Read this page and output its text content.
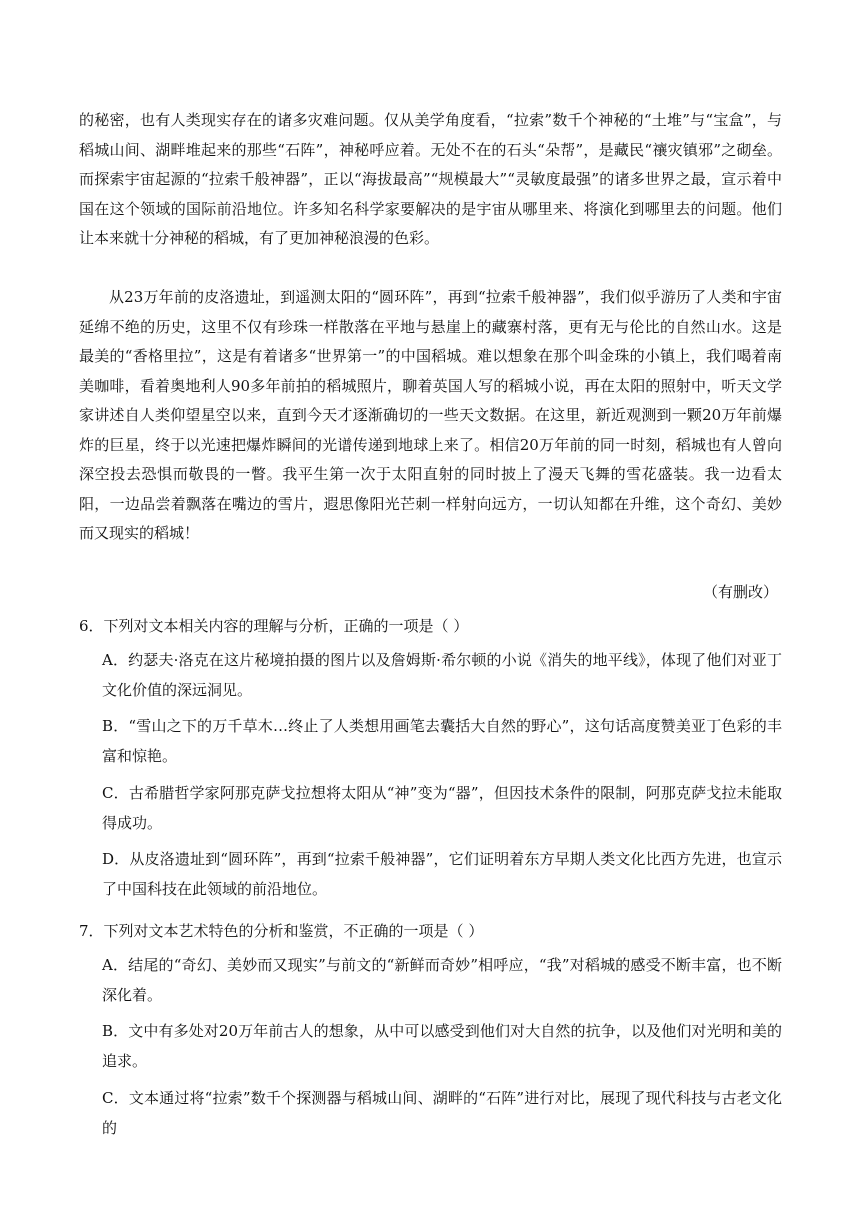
的秘密，也有人类现实存在的诸多灾难问题。仅从美学角度看，“拉索”数千个神秘的“土堆”与“宝盒”，与稻城山间、湖畔堆起来的那些“石阵”，神秘呼应着。无处不在的石头“朵帮”，是藏民“禳灾镇邪”之砌垒。而探索宇宙起源的“拉索千般神器”，正以“海拔最高”“规模最大”“灵敏度最强”的诸多世界之最，宣示着中国在这个领域的国际前沿地位。许多知名科学家要解决的是宇宙从哪里来、将演化到哪里去的问题。他们让本来就十分神秘的稻城，有了更加神秘浪漫的色彩。

从23万年前的皮洛遗址，到遥测太阳的“圆环阵”，再到“拉索千般神器”，我们似乎游历了人类和宇宙延绵不绝的历史，这里不仅有珍珠一样散落在平地与悬崖上的藏寨村落，更有无与伦比的自然山水。这是最美的“香格里拉”，这是有着诸多“世界第一”的中国稻城。难以想象在那个叫金珠的小镇上，我们喝着南美咖啡，看着奥地利人90多年前拍的稻城照片，聊着英国人写的稻城小说，再在太阳的照射中，听天文学家讲述自人类仰望星空以来，直到今天才逐渐确切的一些天文数据。在这里，新近观测到一颗20万年前爆炸的巨星，终于以光速把爆炸瞬间的光谱传递到地球上来了。相信20万年前的同一时刻，稻城也有人曾向深空投去恐惧而敬畏的一瞥。我平生第一次于太阳直射的同时披上了漫天飞舞的雪花盛装。我一边看太阳，一边品尝着飘落在嘴边的雪片，遐思像阳光芒刺一样射向远方，一切认知都在升维，这个奇幻、美妙而又现实的稻城！

（有删改）

6．下列对文本相关内容的理解与分析，正确的一项是（ ）

A．约瑟夫·洛克在这片秘境拍摄的图片以及詹姆斯·希尔顿的小说《消失的地平线》，体现了他们对亚丁文化价值的深远洞见。

B．“雪山之下的万千草木…终止了人类想用画笔去囊括大自然的野心”，这句话高度赞美亚丁色彩的丰富和惊艳。

C．古希腊哲学家阿那克萨戈拉想将太阳从“神”变为“器”，但因技术条件的限制，阿那克萨戈拉未能取得成功。

D．从皮洛遗址到“圆环阵”，再到“拉索千般神器”，它们证明着东方早期人类文化比西方先进，也宣示了中国科技在此领域的前沿地位。

7．下列对文本艺术特色的分析和鉴赏，不正确的一项是（ ）

A．结尾的“奇幻、美妙而又现实”与前文的“新鲜而奇妙”相呼应，“我”对稻城的感受不断丰富，也不断深化着。

B．文中有多处对20万年前古人的想象，从中可以感受到他们对大自然的抗争，以及他们对光明和美的追求。

C．文本通过将“拉索”数千个探测器与稻城山间、湖畔的“石阵”进行对比，展现了现代科技与古老文化的
